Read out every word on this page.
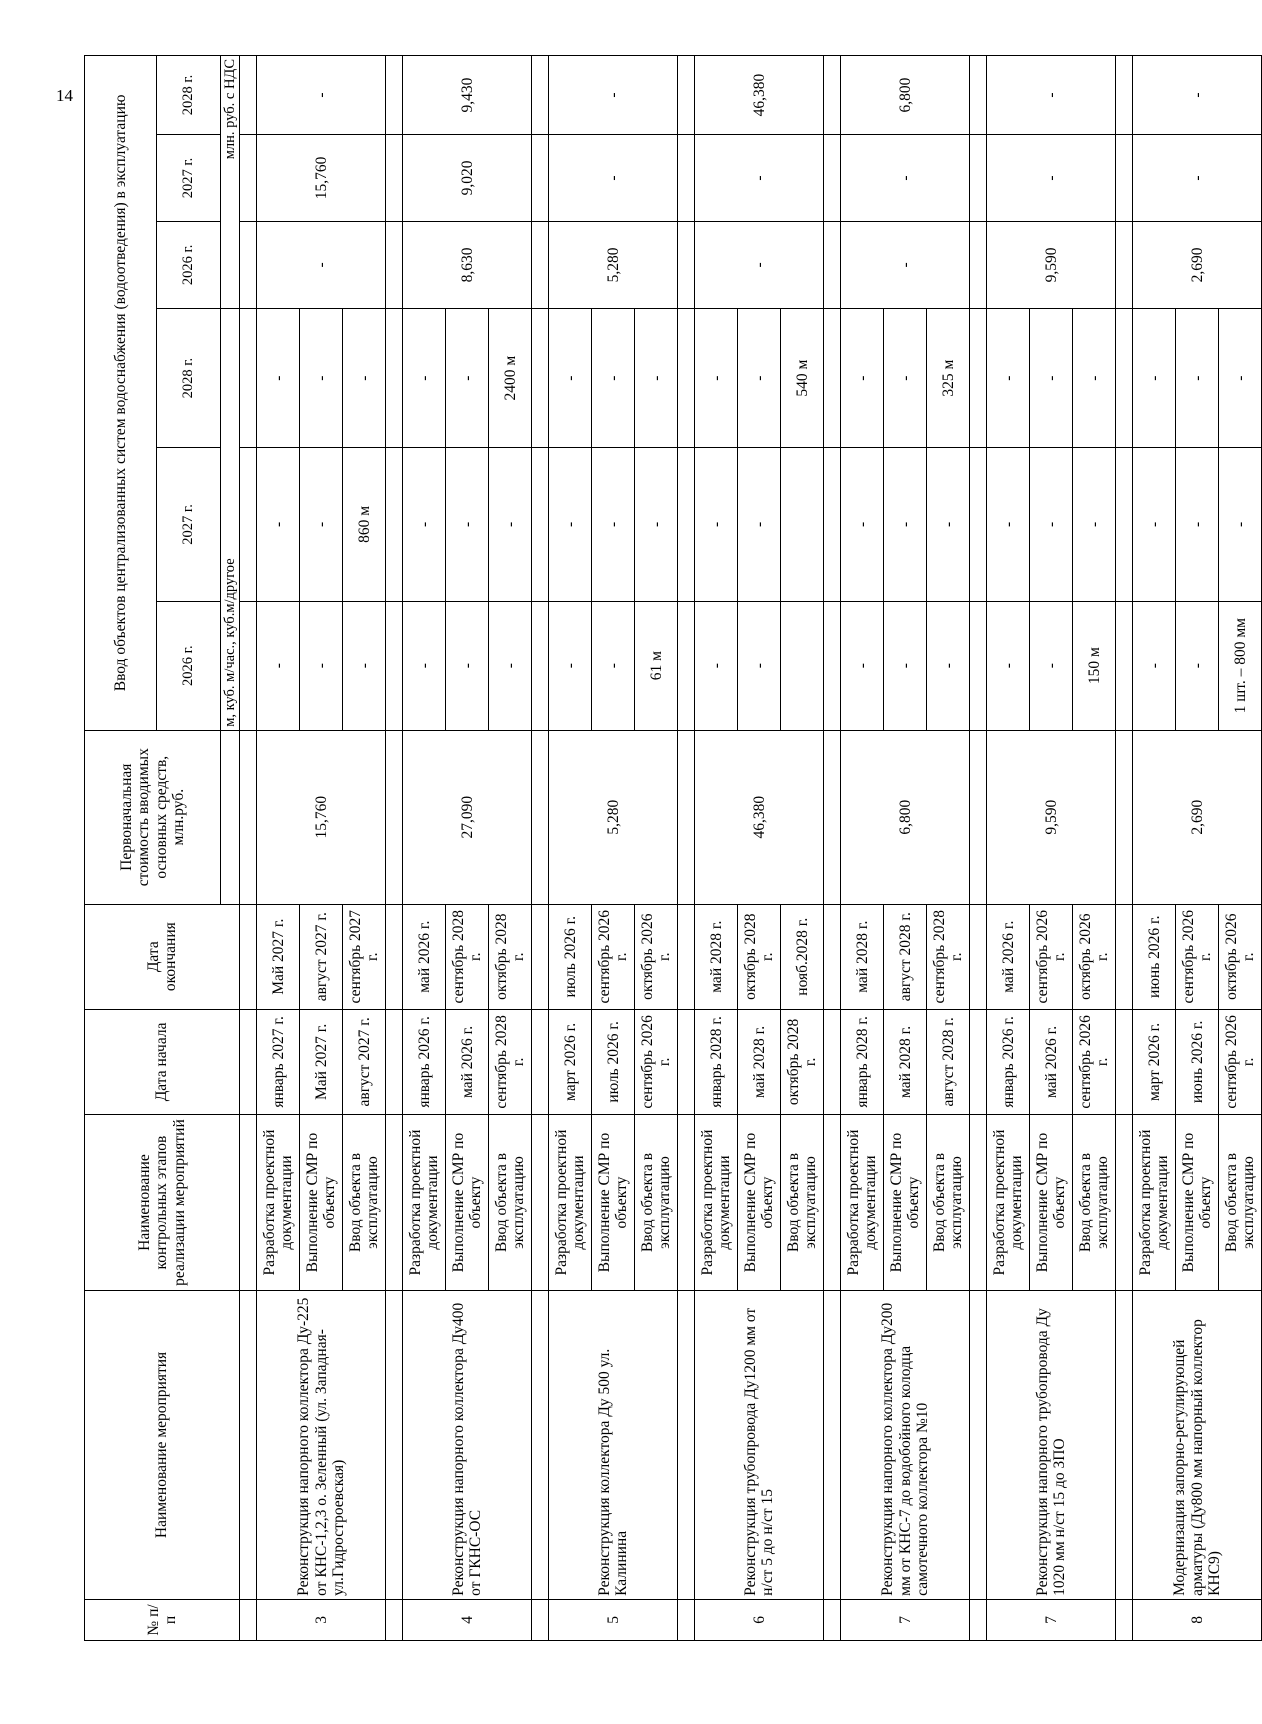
14
№ п/п	Наименование мероприятия	Наименование контрольных этапов реализации мероприятий	Дата начала	Дата окончания	Первоначальная стоимость вводимых основных средств, млн.руб.	Ввод объектов централизованных систем водоснабжения (водоотведения) в эксплуатацию					
						2026 г.	2027 г.	2028 г.	2026 г.	2027 г.	2028 г.
						м, куб. м/час., куб.м/другое			млн. руб. с НДС		

3	Реконструкция напорного коллектора Ду-225 от КНС-1,2,3 о. Зеленный (ул. Западная-ул.Гидростроевская)	Разработка проектной документации	январь 2027 г.	Май 2027 г.	15,760	-	-	-	-	15,760	-
		Выполнение СМР по объекту	Май 2027 г.	август 2027 г.		-	-	-			
		Ввод объекта в эксплуатацию	август 2027 г.	сентябрь 2027 г.		-	860 м	-			

4	Реконструкция напорного коллектора Ду400 от ГКНС-ОС	Разработка проектной документации	январь 2026 г.	май 2026 г.	27,090	-	-	-	8,630	9,020	9,430
		Выполнение СМР по объекту	май 2026 г.	сентябрь 2028 г.		-	-	-			
		Ввод объекта в эксплуатацию	сентябрь 2028 г.	октябрь 2028 г.		-	-	2400 м			

5	Реконструкция коллектора Ду 500 ул. Калинина	Разработка проектной документации	март 2026 г.	июль 2026 г.	5,280	-	-	-	5,280	-	-
		Выполнение СМР по объекту	июль 2026 г.	сентябрь 2026 г.		-	-	-			
		Ввод объекта в эксплуатацию	сентябрь 2026 г.	октябрь 2026 г.		61 м	-	-			

6	Реконструкция трубопровода Ду1200 мм от н/ст 5 до н/ст 15	Разработка проектной документации	январь 2028 г.	май 2028 г.	46,380	-	-	-	-	-	46,380
		Выполнение СМР по объекту	май 2028 г.	октябрь 2028 г.		-	-	-			
		Ввод объекта в эксплуатацию	октябрь 2028 г.	нояб.2028 г.				540 м			

7	Реконструкция напорного коллектора Ду200 мм от КНС-7 до водобойного колодца самотечного коллектора №10	Разработка проектной документации	январь 2028 г.	май 2028 г.	6,800	-	-	-	-	-	6,800
		Выполнение СМР по объекту	май 2028 г.	август 2028 г.		-	-	-			
		Ввод объекта в эксплуатацию	август 2028 г.	сентябрь 2028 г.		-	-	325 м			

7	Реконструкция напорного трубопровода Ду 1020 мм н/ст 15 до ЗПО	Разработка проектной документации	январь 2026 г.	май 2026 г.	9,590	-	-	-	9,590	-	-
		Выполнение СМР по объекту	май 2026 г.	сентябрь 2026 г.		-	-	-			
		Ввод объекта в эксплуатацию	сентябрь 2026 г.	октябрь 2026 г.		150 м	-	-			

8	Модернизация запорно-регулирующей арматуры (Ду800 мм напорный коллектор КНС9)	Разработка проектной документации	март 2026 г.	июнь 2026 г.	2,690	-	-	-	2,690	-	-
		Выполнение СМР по объекту	июнь 2026 г.	сентябрь 2026 г.		-	-	-			
		Ввод объекта в эксплуатацию	сентябрь 2026 г.	октябрь 2026 г.		1 шт. – 800 мм	-	-			
